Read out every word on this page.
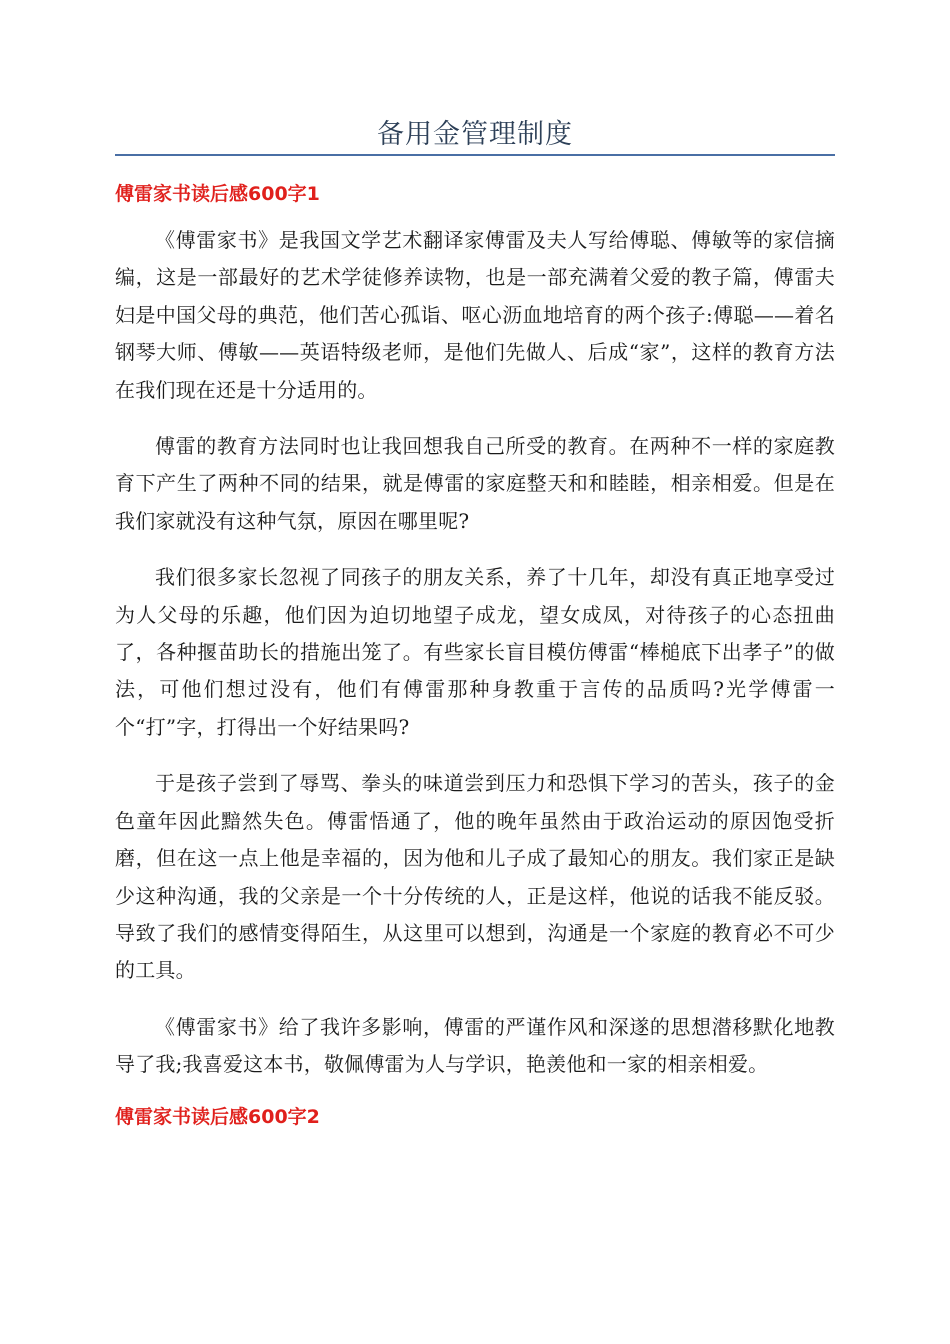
备用金管理制度
傅雷家书读后感600字1

《傅雷家书》是我国文学艺术翻译家傅雷及夫人写给傅聪、傅敏等的家信摘编，这是一部最好的艺术学徒修养读物，也是一部充满着父爱的教子篇，傅雷夫妇是中国父母的典范，他们苦心孤诣、呕心沥血地培育的两个孩子:傅聪——着名钢琴大师、傅敏——英语特级老师，是他们先做人、后成“家”，这样的教育方法在我们现在还是十分适用的。

傅雷的教育方法同时也让我回想我自己所受的教育。在两种不一样的家庭教育下产生了两种不同的结果，就是傅雷的家庭整天和和睦睦，相亲相爱。但是在我们家就没有这种气氛，原因在哪里呢?

我们很多家长忽视了同孩子的朋友关系，养了十几年，却没有真正地享受过为人父母的乐趣，他们因为迫切地望子成龙，望女成凤，对待孩子的心态扭曲了，各种揠苗助长的措施出笼了。有些家长盲目模仿傅雷“棒槌底下出孝子”的做法，可他们想过没有，他们有傅雷那种身教重于言传的品质吗?光学傅雷一个“打”字，打得出一个好结果吗?

于是孩子尝到了辱骂、拳头的味道尝到压力和恐惧下学习的苦头，孩子的金色童年因此黯然失色。傅雷悟通了，他的晚年虽然由于政治运动的原因饱受折磨，但在这一点上他是幸福的，因为他和儿子成了最知心的朋友。我们家正是缺少这种沟通，我的父亲是一个十分传统的人，正是这样，他说的话我不能反驳。导致了我们的感情变得陌生，从这里可以想到，沟通是一个家庭的教育必不可少的工具。

《傅雷家书》给了我许多影响，傅雷的严谨作风和深遂的思想潜移默化地教导了我;我喜爱这本书，敬佩傅雷为人与学识，艳羡他和一家的相亲相爱。

傅雷家书读后感600字2
